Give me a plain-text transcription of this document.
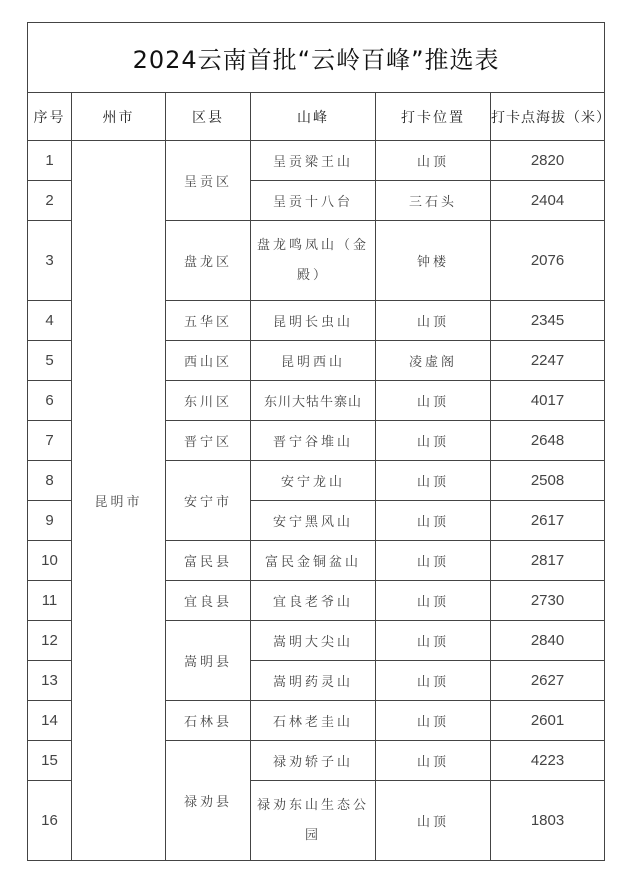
2024云南首批“云岭百峰”推选表					
序号	州市	区县	山峰	打卡位置	打卡点海拔（米）
1	昆明市	呈贡区	呈贡梁王山	山顶	2820
2			呈贡十八台	三石头	2404
3		盘龙区	盘龙鸣凤山（金殿）	钟楼	2076
4		五华区	昆明长虫山	山顶	2345
5		西山区	昆明西山	凌虚阁	2247
6		东川区	东川大牯牛寨山	山顶	4017
7		晋宁区	晋宁谷堆山	山顶	2648
8		安宁市	安宁龙山	山顶	2508
9			安宁黑风山	山顶	2617
10		富民县	富民金铜盆山	山顶	2817
11		宜良县	宜良老爷山	山顶	2730
12		嵩明县	嵩明大尖山	山顶	2840
13			嵩明药灵山	山顶	2627
14		石林县	石林老圭山	山顶	2601
15		禄劝县	禄劝轿子山	山顶	4223
16			禄劝东山生态公园	山顶	1803
